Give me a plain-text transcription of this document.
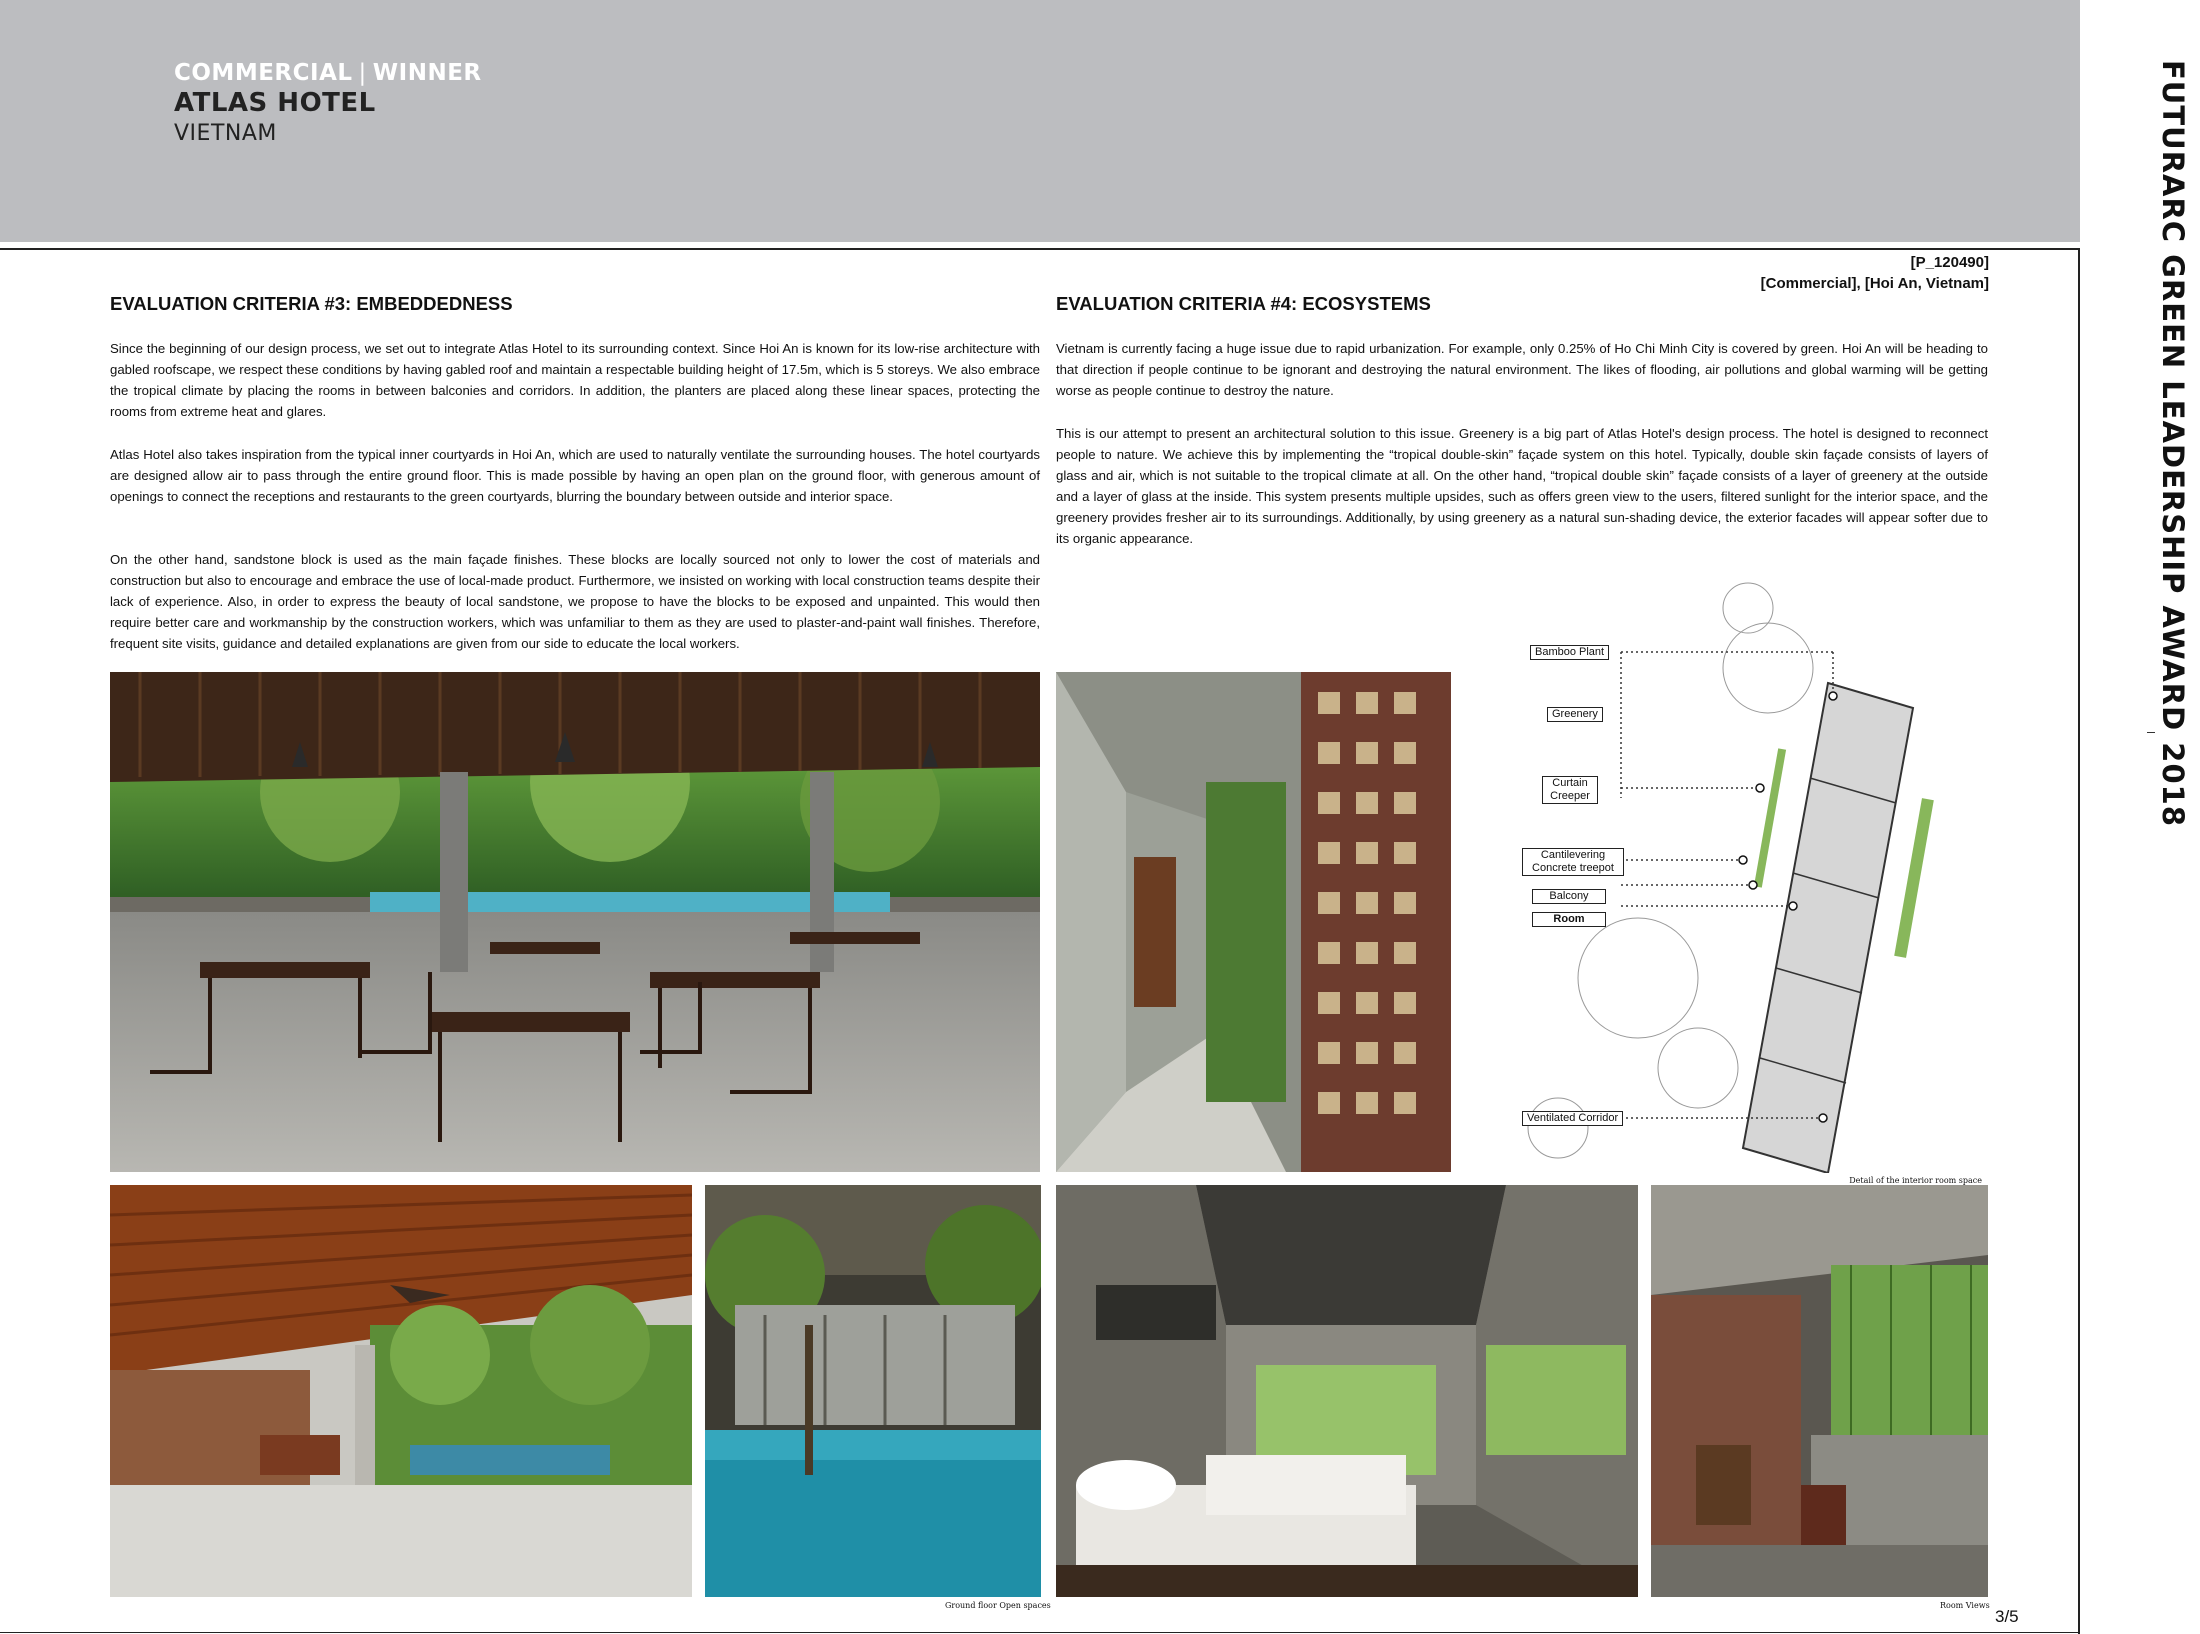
COMMERCIAL | WINNER
ATLAS HOTEL
VIETNAM	FUTURARC GREEN LEADERSHIP AWARD 2018
[P_120490]
[Commercial], [Hoi An, Vietnam]
EVALUATION CRITERIA #3: EMBEDDEDNESS

Since the beginning of our design process, we set out to integrate Atlas Hotel to its surrounding context. Since Hoi An is known for its low-rise architecture with gabled roofscape, we respect these conditions by having gabled roof and maintain a respectable building height of 17.5m, which is 5 storeys. We also embrace the tropical climate by placing the rooms in between balconies and corridors. In addition, the planters are placed along these linear spaces, protecting the rooms from extreme heat and glares.

Atlas Hotel also takes inspiration from the typical inner courtyards in Hoi An, which are used to naturally ventilate the surrounding houses. The hotel courtyards are designed allow air to pass through the entire ground floor. This is made possible by having an open plan on the ground floor, with generous amount of openings to connect the receptions and restaurants to the green courtyards, blurring the boundary between outside and interior space.

On the other hand, sandstone block is used as the main façade finishes. These blocks are locally sourced not only to lower the cost of materials and construction but also to encourage and embrace the use of local-made product. Furthermore, we insisted on working with local construction teams despite their lack of experience. Also, in order to express the beauty of local sandstone, we propose to have the blocks to be exposed and unpainted. This would then require better care and workmanship by the construction workers, which was unfamiliar to them as they are used to plaster-and-paint wall finishes. Therefore, frequent site visits, guidance and detailed explanations are given from our side to educate the local workers.

EVALUATION CRITERIA #4: ECOSYSTEMS

Vietnam is currently facing a huge issue due to rapid urbanization. For example, only 0.25% of Ho Chi Minh City is covered by green. Hoi An will be heading to that direction if people continue to be ignorant and destroying the natural environment. The likes of flooding, air pollutions and global warming will be getting worse as people continue to destroy the nature.

This is our attempt to present an architectural solution to this issue. Greenery is a big part of Atlas Hotel's design process. The hotel is designed to reconnect people to nature. We achieve this by implementing the “tropical double-skin” façade system on this hotel. Typically, double skin façade consists of layers of glass and air, which is not suitable to the tropical climate at all. On the other hand, “tropical double skin” façade consists of a layer of greenery at the outside and a layer of glass at the inside. This system presents multiple upsides, such as offers green view to the users, filtered sunlight for the interior space, and the greenery provides fresher air to its surroundings. Additionally, by using greenery as a natural sun-shading device, the exterior facades will appear softer due to its organic appearance.

Bamboo Plant
Greenery
Curtain Creeper
Cantilevering Concrete treepot
Balcony
Room
Ventilated Corridor
Detail of the interior room space
Ground floor Open spaces	Room Views
3/5
